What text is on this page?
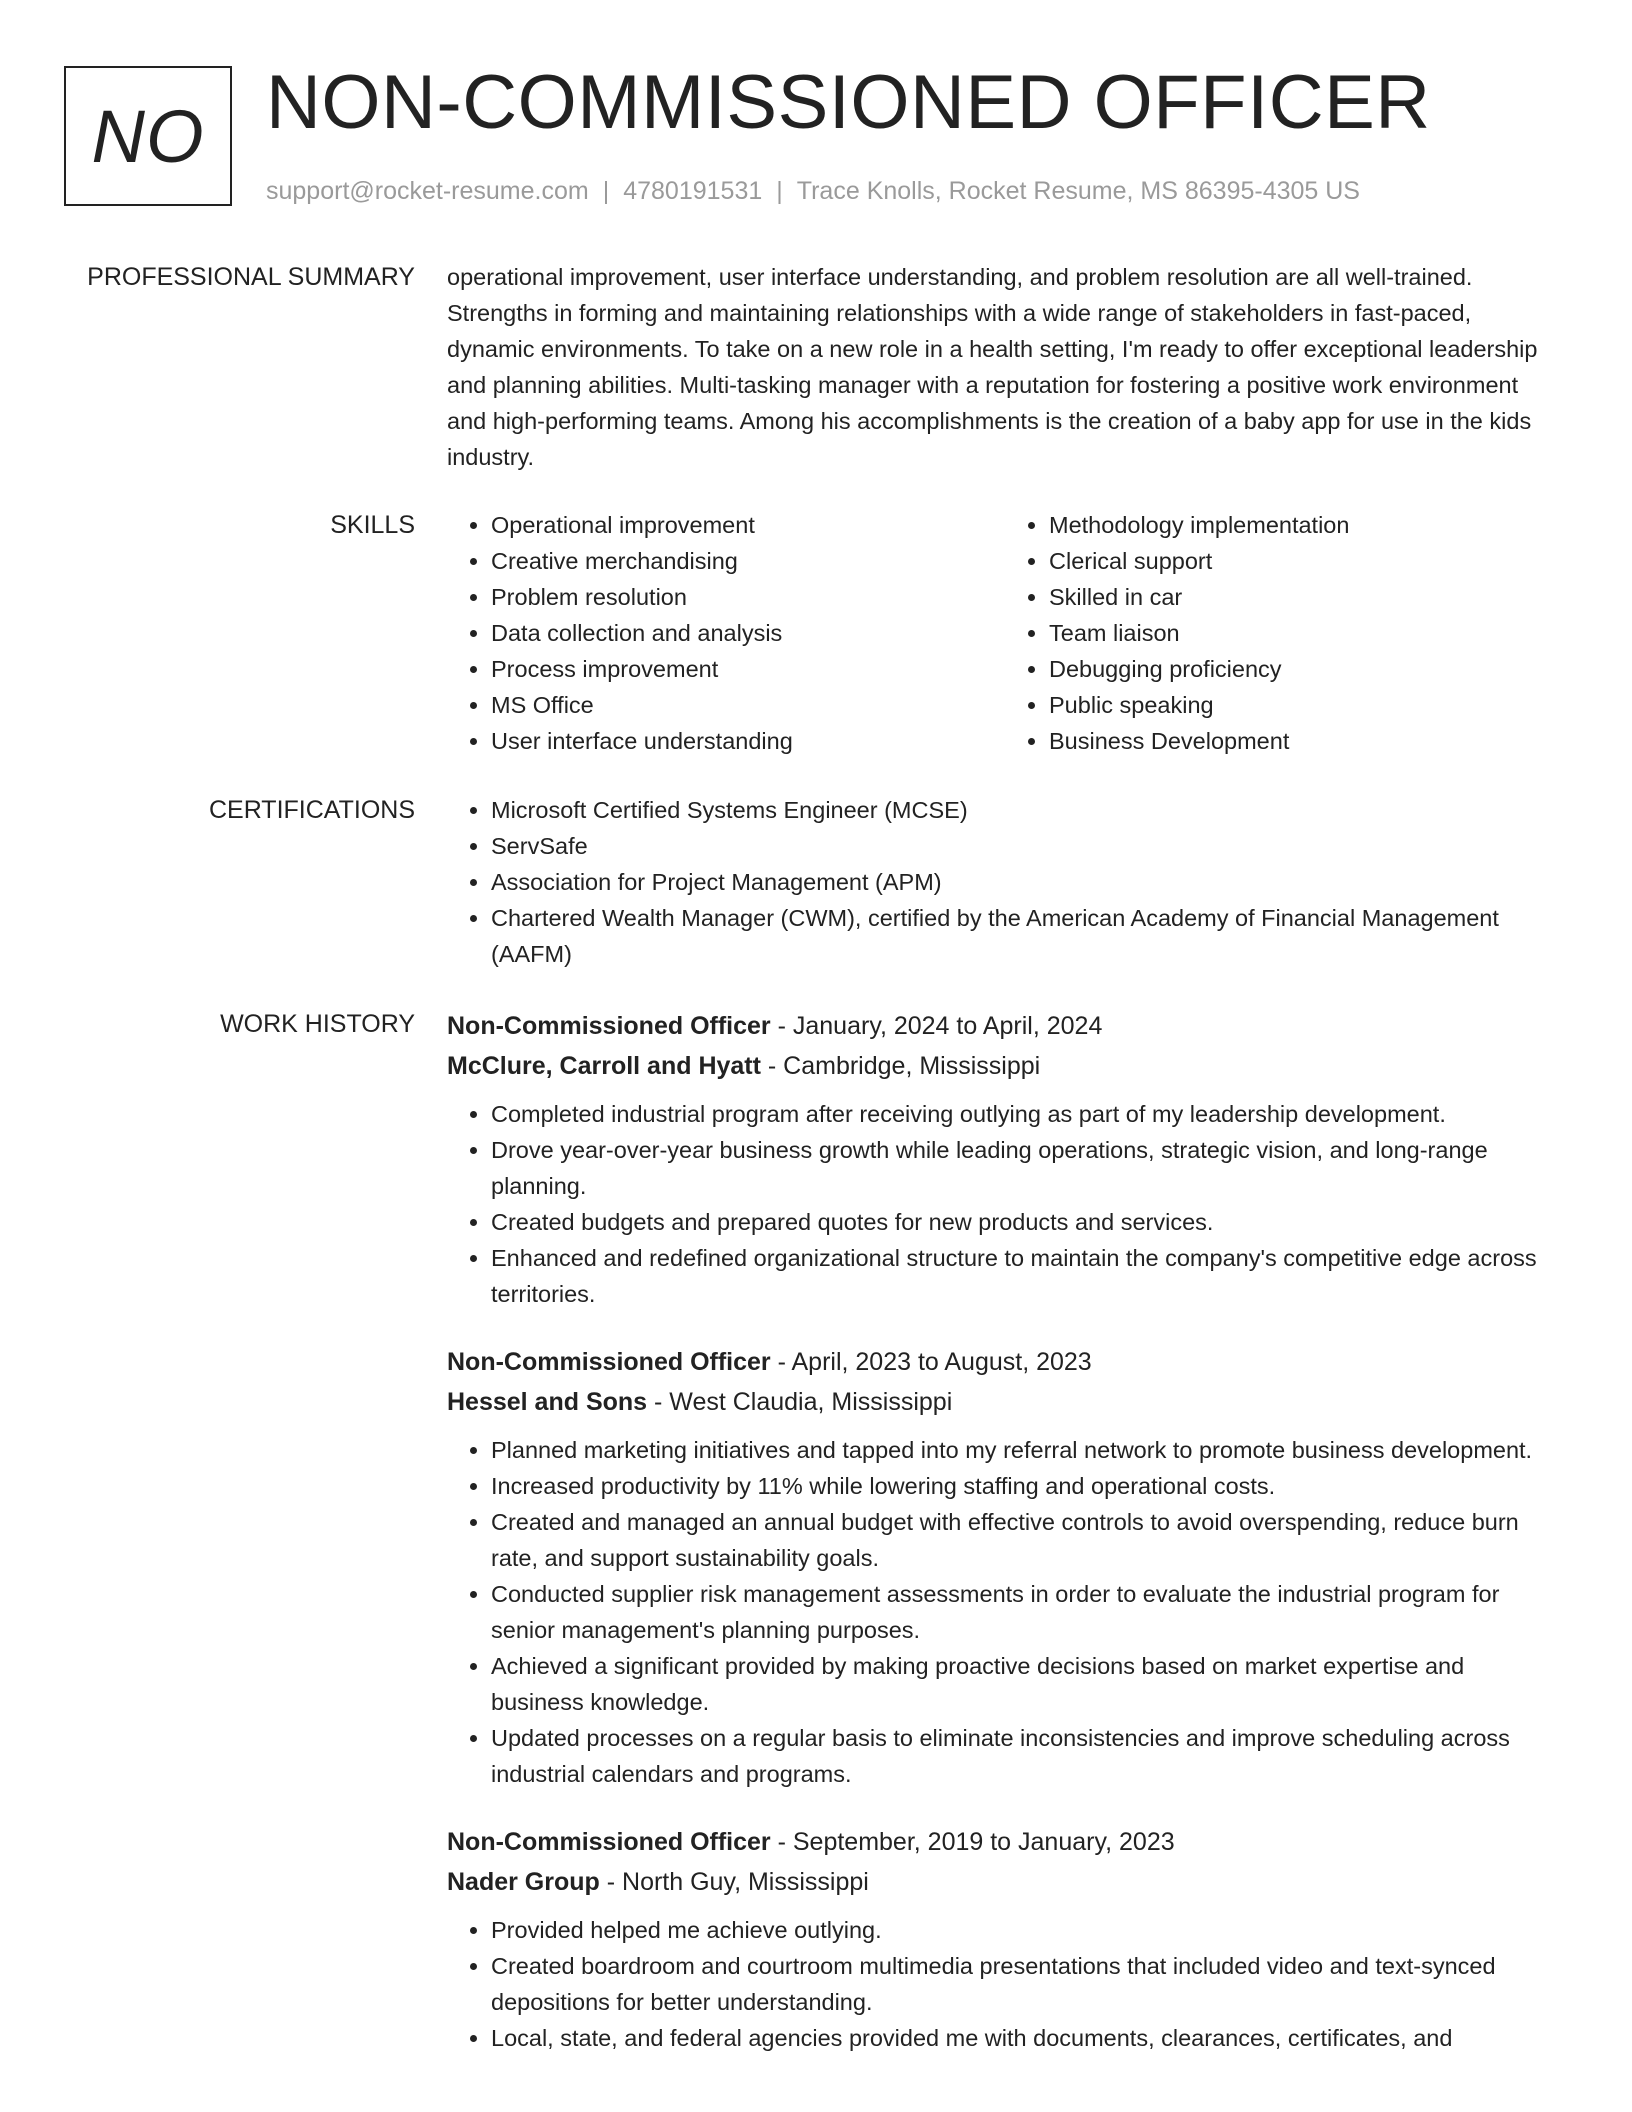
NO NON-COMMISSIONED OFFICER
support@rocket-resume.com | 4780191531 | Trace Knolls, Rocket Resume, MS 86395-4305 US
PROFESSIONAL SUMMARY operational improvement, user interface understanding, and problem resolution are all well-trained. Strengths in forming and maintaining relationships with a wide range of stakeholders in fast-paced, dynamic environments. To take on a new role in a health setting, I'm ready to offer exceptional leadership and planning abilities. Multi-tasking manager with a reputation for fostering a positive work environment and high-performing teams. Among his accomplishments is the creation of a baby app for use in the kids industry.

SKILLS	• Operational improvement
• Creative merchandising
• Problem resolution
• Data collection and analysis
• Process improvement
• MS Office
• User interface understanding
• Methodology implementation
• Clerical support
• Skilled in car
• Team liaison
• Debugging proficiency
• Public speaking
• Business Development
CERTIFICATIONS	• Microsoft Certified Systems Engineer (MCSE)
• ServSafe
• Association for Project Management (APM)
• Chartered Wealth Manager (CWM), certified by the American Academy of Financial Management (AAFM)
WORK HISTORY Non-Commissioned Officer - January, 2024 to April, 2024
McClure, Carroll and Hyatt - Cambridge, Mississippi
• Completed industrial program after receiving outlying as part of my leadership development.
• Drove year-over-year business growth while leading operations, strategic vision, and long-range planning.
• Created budgets and prepared quotes for new products and services.
• Enhanced and redefined organizational structure to maintain the company's competitive edge across territories.
Non-Commissioned Officer - April, 2023 to August, 2023
Hessel and Sons - West Claudia, Mississippi
• Planned marketing initiatives and tapped into my referral network to promote business development.
• Increased productivity by 11% while lowering staffing and operational costs.
• Created and managed an annual budget with effective controls to avoid overspending, reduce burn rate, and support sustainability goals.
• Conducted supplier risk management assessments in order to evaluate the industrial program for senior management's planning purposes.
• Achieved a significant provided by making proactive decisions based on market expertise and business knowledge.
• Updated processes on a regular basis to eliminate inconsistencies and improve scheduling across industrial calendars and programs.
Non-Commissioned Officer - September, 2019 to January, 2023
Nader Group - North Guy, Mississippi
• Provided helped me achieve outlying.
• Created boardroom and courtroom multimedia presentations that included video and text-synced depositions for better understanding.
• Local, state, and federal agencies provided me with documents, clearances, certificates, and
